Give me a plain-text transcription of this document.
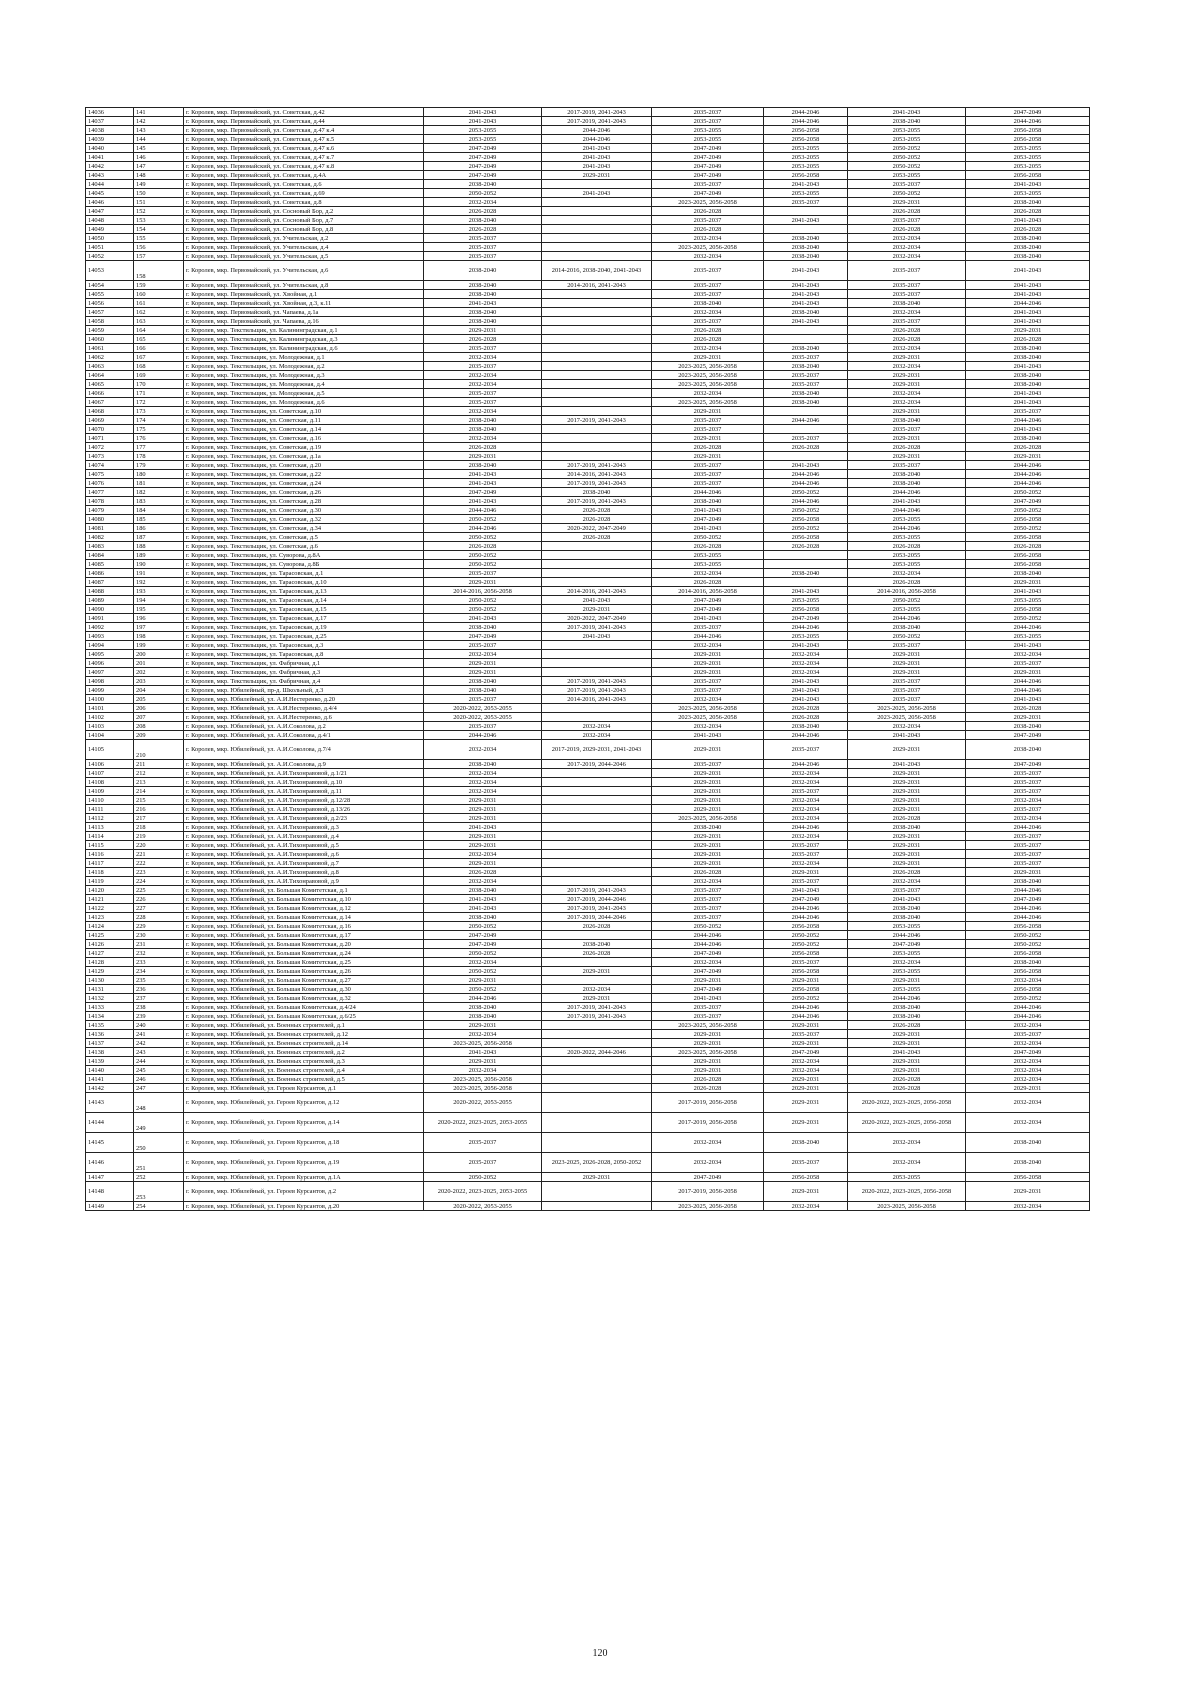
14036	141	г. Королев, мкр. Первомайский, ул. Советская, д.42	2041-2043	2017-2019, 2041-2043	2035-2037	2044-2046	2041-2043	2047-2049
14037	142	г. Королев, мкр. Первомайский, ул. Советская, д.44	2041-2043	2017-2019, 2041-2043	2035-2037	2044-2046	2038-2040	2044-2046
14038	143	г. Королев, мкр. Первомайский, ул. Советская, д.47 к.4	2053-2055	2044-2046	2053-2055	2056-2058	2053-2055	2056-2058
14039	144	г. Королев, мкр. Первомайский, ул. Советская, д.47 к.5	2053-2055	2044-2046	2053-2055	2056-2058	2053-2055	2056-2058
14040	145	г. Королев, мкр. Первомайский, ул. Советская, д.47 к.6	2047-2049	2041-2043	2047-2049	2053-2055	2050-2052	2053-2055
14041	146	г. Королев, мкр. Первомайский, ул. Советская, д.47 к.7	2047-2049	2041-2043	2047-2049	2053-2055	2050-2052	2053-2055
14042	147	г. Королев, мкр. Первомайский, ул. Советская, д.47 к.8	2047-2049	2041-2043	2047-2049	2053-2055	2050-2052	2053-2055
14043	148	г. Королев, мкр. Первомайский, ул. Советская, д.4А	2047-2049	2029-2031	2047-2049	2056-2058	2053-2055	2056-2058
14044	149	г. Королев, мкр. Первомайский, ул. Советская, д.6	2038-2040		2035-2037	2041-2043	2035-2037	2041-2043
14045	150	г. Королев, мкр. Первомайский, ул. Советская, д.69	2050-2052	2041-2043	2047-2049	2053-2055	2050-2052	2053-2055
14046	151	г. Королев, мкр. Первомайский, ул. Советская, д.8	2032-2034		2023-2025, 2056-2058	2035-2037	2029-2031	2038-2040
14047	152	г. Королев, мкр. Первомайский, ул. Сосновый Бор, д.2	2026-2028		2026-2028		2026-2028	2026-2028
14048	153	г. Королев, мкр. Первомайский, ул. Сосновый Бор, д.7	2038-2040		2035-2037	2041-2043	2035-2037	2041-2043
14049	154	г. Королев, мкр. Первомайский, ул. Сосновый Бор, д.8	2026-2028		2026-2028		2026-2028	2026-2028
14050	155	г. Королев, мкр. Первомайский, ул. Учительская, д.2	2035-2037		2032-2034	2038-2040	2032-2034	2038-2040
14051	156	г. Королев, мкр. Первомайский, ул. Учительская, д.4	2035-2037		2023-2025, 2056-2058	2038-2040	2032-2034	2038-2040
14052	157	г. Королев, мкр. Первомайский, ул. Учительская, д.5	2035-2037		2032-2034	2038-2040	2032-2034	2038-2040
14053	158	г. Королев, мкр. Первомайский, ул. Учительская, д.6	2038-2040	2014-2016, 2038-2040, 2041-2043	2035-2037	2041-2043	2035-2037	2041-2043
14054	159	г. Королев, мкр. Первомайский, ул. Учительская, д.8	2038-2040	2014-2016, 2041-2043	2035-2037	2041-2043	2035-2037	2041-2043
14055	160	г. Королев, мкр. Первомайский, ул. Хвойная, д.1	2038-2040		2035-2037	2041-2043	2035-2037	2041-2043
14056	161	г. Королев, мкр. Первомайский, ул. Хвойная, д.3, к.11	2041-2043		2038-2040	2041-2043	2038-2040	2044-2046
14057	162	г. Королев, мкр. Первомайский, ул. Чапаева, д.1а	2038-2040		2032-2034	2038-2040	2032-2034	2041-2043
14058	163	г. Королев, мкр. Первомайский, ул. Чапаева, д.16	2038-2040		2035-2037	2041-2043	2035-2037	2041-2043
14059	164	г. Королев, мкр. Текстильщик, ул. Калининградская, д.1	2029-2031		2026-2028		2026-2028	2029-2031
14060	165	г. Королев, мкр. Текстильщик, ул. Калининградская, д.3	2026-2028		2026-2028		2026-2028	2026-2028
14061	166	г. Королев, мкр. Текстильщик, ул. Калининградская, д.6	2035-2037		2032-2034	2038-2040	2032-2034	2038-2040
14062	167	г. Королев, мкр. Текстильщик, ул. Молодежная, д.1	2032-2034		2029-2031	2035-2037	2029-2031	2038-2040
14063	168	г. Королев, мкр. Текстильщик, ул. Молодежная, д.2	2035-2037		2023-2025, 2056-2058	2038-2040	2032-2034	2041-2043
14064	169	г. Королев, мкр. Текстильщик, ул. Молодежная, д.3	2032-2034		2023-2025, 2056-2058	2035-2037	2029-2031	2038-2040
14065	170	г. Королев, мкр. Текстильщик, ул. Молодежная, д.4	2032-2034		2023-2025, 2056-2058	2035-2037	2029-2031	2038-2040
14066	171	г. Королев, мкр. Текстильщик, ул. Молодежная, д.5	2035-2037		2032-2034	2038-2040	2032-2034	2041-2043
14067	172	г. Королев, мкр. Текстильщик, ул. Молодежная, д.6	2035-2037		2023-2025, 2056-2058	2038-2040	2032-2034	2041-2043
14068	173	г. Королев, мкр. Текстильщик, ул. Советская, д.10	2032-2034		2029-2031		2029-2031	2035-2037
14069	174	г. Королев, мкр. Текстильщик, ул. Советская, д.11	2038-2040	2017-2019, 2041-2043	2035-2037	2044-2046	2038-2040	2044-2046
14070	175	г. Королев, мкр. Текстильщик, ул. Советская, д.14	2038-2040		2035-2037		2035-2037	2041-2043
14071	176	г. Королев, мкр. Текстильщик, ул. Советская, д.16	2032-2034		2029-2031	2035-2037	2029-2031	2038-2040
14072	177	г. Королев, мкр. Текстильщик, ул. Советская, д.19	2026-2028		2026-2028	2026-2028	2026-2028	2026-2028
14073	178	г. Королев, мкр. Текстильщик, ул. Советская, д.1а	2029-2031		2029-2031		2029-2031	2029-2031
14074	179	г. Королев, мкр. Текстильщик, ул. Советская, д.20	2038-2040	2017-2019, 2041-2043	2035-2037	2041-2043	2035-2037	2044-2046
14075	180	г. Королев, мкр. Текстильщик, ул. Советская, д.22	2041-2043	2014-2016, 2041-2043	2035-2037	2044-2046	2038-2040	2044-2046
14076	181	г. Королев, мкр. Текстильщик, ул. Советская, д.24	2041-2043	2017-2019, 2041-2043	2035-2037	2044-2046	2038-2040	2044-2046
14077	182	г. Королев, мкр. Текстильщик, ул. Советская, д.26	2047-2049	2038-2040	2044-2046	2050-2052	2044-2046	2050-2052
14078	183	г. Королев, мкр. Текстильщик, ул. Советская, д.28	2041-2043	2017-2019, 2041-2043	2038-2040	2044-2046	2041-2043	2047-2049
14079	184	г. Королев, мкр. Текстильщик, ул. Советская, д.30	2044-2046	2026-2028	2041-2043	2050-2052	2044-2046	2050-2052
14080	185	г. Королев, мкр. Текстильщик, ул. Советская, д.32	2050-2052	2026-2028	2047-2049	2056-2058	2053-2055	2056-2058
14081	186	г. Королев, мкр. Текстильщик, ул. Советская, д.34	2044-2046	2020-2022, 2047-2049	2041-2043	2050-2052	2044-2046	2050-2052
14082	187	г. Королев, мкр. Текстильщик, ул. Советская, д.5	2050-2052	2026-2028	2050-2052	2056-2058	2053-2055	2056-2058
14083	188	г. Королев, мкр. Текстильщик, ул. Советская, д.6	2026-2028		2026-2028	2026-2028	2026-2028	2026-2028
14084	189	г. Королев, мкр. Текстильщик, ул. Суворова, д.8А	2050-2052		2053-2055		2053-2055	2056-2058
14085	190	г. Королев, мкр. Текстильщик, ул. Суворова, д.8Б	2050-2052		2053-2055		2053-2055	2056-2058
14086	191	г. Королев, мкр. Текстильщик, ул. Тарасовская, д.1	2035-2037		2032-2034	2038-2040	2032-2034	2038-2040
14087	192	г. Королев, мкр. Текстильщик, ул. Тарасовская, д.10	2029-2031		2026-2028		2026-2028	2029-2031
14088	193	г. Королев, мкр. Текстильщик, ул. Тарасовская, д.13	2014-2016, 2056-2058	2014-2016, 2041-2043	2014-2016, 2056-2058	2041-2043	2014-2016, 2056-2058	2041-2043
14089	194	г. Королев, мкр. Текстильщик, ул. Тарасовская, д.14	2050-2052	2041-2043	2047-2049	2053-2055	2050-2052	2053-2055
14090	195	г. Королев, мкр. Текстильщик, ул. Тарасовская, д.15	2050-2052	2029-2031	2047-2049	2056-2058	2053-2055	2056-2058
14091	196	г. Королев, мкр. Текстильщик, ул. Тарасовская, д.17	2041-2043	2020-2022, 2047-2049	2041-2043	2047-2049	2044-2046	2050-2052
14092	197	г. Королев, мкр. Текстильщик, ул. Тарасовская, д.19	2038-2040	2017-2019, 2041-2043	2035-2037	2044-2046	2038-2040	2044-2046
14093	198	г. Королев, мкр. Текстильщик, ул. Тарасовская, д.25	2047-2049	2041-2043	2044-2046	2053-2055	2050-2052	2053-2055
14094	199	г. Королев, мкр. Текстильщик, ул. Тарасовская, д.3	2035-2037		2032-2034	2041-2043	2035-2037	2041-2043
14095	200	г. Королев, мкр. Текстильщик, ул. Тарасовская, д.8	2032-2034		2029-2031	2032-2034	2029-2031	2032-2034
14096	201	г. Королев, мкр. Текстильщик, ул. Фабричная, д.1	2029-2031		2029-2031	2032-2034	2029-2031	2035-2037
14097	202	г. Королев, мкр. Текстильщик, ул. Фабричная, д.3	2029-2031		2029-2031	2032-2034	2029-2031	2029-2031
14098	203	г. Королев, мкр. Текстильщик, ул. Фабричная, д.4	2038-2040	2017-2019, 2041-2043	2035-2037	2041-2043	2035-2037	2044-2046
14099	204	г. Королев, мкр. Юбилейный, пр-д. Школьный, д.3	2038-2040	2017-2019, 2041-2043	2035-2037	2041-2043	2035-2037	2044-2046
14100	205	г. Королев, мкр. Юбилейный, ул. А.И.Нестеренко, д.20	2035-2037	2014-2016, 2041-2043	2032-2034	2041-2043	2035-2037	2041-2043
14101	206	г. Королев, мкр. Юбилейный, ул. А.И.Нестеренко, д.4/4	2020-2022, 2053-2055		2023-2025, 2056-2058	2026-2028	2023-2025, 2056-2058	2026-2028
14102	207	г. Королев, мкр. Юбилейный, ул. А.И.Нестеренко, д.6	2020-2022, 2053-2055		2023-2025, 2056-2058	2026-2028	2023-2025, 2056-2058	2029-2031
14103	208	г. Королев, мкр. Юбилейный, ул. А.И.Соколова, д.2	2035-2037	2032-2034	2032-2034	2038-2040	2032-2034	2038-2040
14104	209	г. Королев, мкр. Юбилейный, ул. А.И.Соколова, д.4/1	2044-2046	2032-2034	2041-2043	2044-2046	2041-2043	2047-2049
14105	210	г. Королев, мкр. Юбилейный, ул. А.И.Соколова, д.7/4	2032-2034	2017-2019, 2029-2031, 2041-2043	2029-2031	2035-2037	2029-2031	2038-2040
14106	211	г. Королев, мкр. Юбилейный, ул. А.И.Соколова, д.9	2038-2040	2017-2019, 2044-2046	2035-2037	2044-2046	2041-2043	2047-2049
14107	212	г. Королев, мкр. Юбилейный, ул. А.И.Тихонравовой, д.1/21	2032-2034		2029-2031	2032-2034	2029-2031	2035-2037
14108	213	г. Королев, мкр. Юбилейный, ул. А.И.Тихонравовой, д.10	2032-2034		2029-2031	2032-2034	2029-2031	2035-2037
14109	214	г. Королев, мкр. Юбилейный, ул. А.И.Тихонравовой, д.11	2032-2034		2029-2031	2035-2037	2029-2031	2035-2037
14110	215	г. Королев, мкр. Юбилейный, ул. А.И.Тихонравовой, д.12/28	2029-2031		2029-2031	2032-2034	2029-2031	2032-2034
14111	216	г. Королев, мкр. Юбилейный, ул. А.И.Тихонравовой, д.13/26	2029-2031		2029-2031	2032-2034	2029-2031	2035-2037
14112	217	г. Королев, мкр. Юбилейный, ул. А.И.Тихонравовой, д.2/23	2029-2031		2023-2025, 2056-2058	2032-2034	2026-2028	2032-2034
14113	218	г. Королев, мкр. Юбилейный, ул. А.И.Тихонравовой, д.3	2041-2043		2038-2040	2044-2046	2038-2040	2044-2046
14114	219	г. Королев, мкр. Юбилейный, ул. А.И.Тихонравовой, д.4	2029-2031		2029-2031	2032-2034	2029-2031	2035-2037
14115	220	г. Королев, мкр. Юбилейный, ул. А.И.Тихонравовой, д.5	2029-2031		2029-2031	2035-2037	2029-2031	2035-2037
14116	221	г. Королев, мкр. Юбилейный, ул. А.И.Тихонравовой, д.6	2032-2034		2029-2031	2035-2037	2029-2031	2035-2037
14117	222	г. Королев, мкр. Юбилейный, ул. А.И.Тихонравовой, д.7	2029-2031		2029-2031	2032-2034	2029-2031	2035-2037
14118	223	г. Королев, мкр. Юбилейный, ул. А.И.Тихонравовой, д.8	2026-2028		2026-2028	2029-2031	2026-2028	2029-2031
14119	224	г. Королев, мкр. Юбилейный, ул. А.И.Тихонравовой, д.9	2032-2034		2032-2034	2035-2037	2032-2034	2038-2040
14120	225	г. Королев, мкр. Юбилейный, ул. Большая Комитетская, д.1	2038-2040	2017-2019, 2041-2043	2035-2037	2041-2043	2035-2037	2044-2046
14121	226	г. Королев, мкр. Юбилейный, ул. Большая Комитетская, д.10	2041-2043	2017-2019, 2044-2046	2035-2037	2047-2049	2041-2043	2047-2049
14122	227	г. Королев, мкр. Юбилейный, ул. Большая Комитетская, д.12	2041-2043	2017-2019, 2041-2043	2035-2037	2044-2046	2038-2040	2044-2046
14123	228	г. Королев, мкр. Юбилейный, ул. Большая Комитетская, д.14	2038-2040	2017-2019, 2044-2046	2035-2037	2044-2046	2038-2040	2044-2046
14124	229	г. Королев, мкр. Юбилейный, ул. Большая Комитетская, д.16	2050-2052	2026-2028	2050-2052	2056-2058	2053-2055	2056-2058
14125	230	г. Королев, мкр. Юбилейный, ул. Большая Комитетская, д.17	2047-2049		2044-2046	2050-2052	2044-2046	2050-2052
14126	231	г. Королев, мкр. Юбилейный, ул. Большая Комитетская, д.20	2047-2049	2038-2040	2044-2046	2050-2052	2047-2049	2050-2052
14127	232	г. Королев, мкр. Юбилейный, ул. Большая Комитетская, д.24	2050-2052	2026-2028	2047-2049	2056-2058	2053-2055	2056-2058
14128	233	г. Королев, мкр. Юбилейный, ул. Большая Комитетская, д.25	2032-2034		2032-2034	2035-2037	2032-2034	2038-2040
14129	234	г. Королев, мкр. Юбилейный, ул. Большая Комитетская, д.26	2050-2052	2029-2031	2047-2049	2056-2058	2053-2055	2056-2058
14130	235	г. Королев, мкр. Юбилейный, ул. Большая Комитетская, д.27	2029-2031		2029-2031	2029-2031	2029-2031	2032-2034
14131	236	г. Королев, мкр. Юбилейный, ул. Большая Комитетская, д.30	2050-2052	2032-2034	2047-2049	2056-2058	2053-2055	2056-2058
14132	237	г. Королев, мкр. Юбилейный, ул. Большая Комитетская, д.32	2044-2046	2029-2031	2041-2043	2050-2052	2044-2046	2050-2052
14133	238	г. Королев, мкр. Юбилейный, ул. Большая Комитетская, д.4/24	2038-2040	2017-2019, 2041-2043	2035-2037	2044-2046	2038-2040	2044-2046
14134	239	г. Королев, мкр. Юбилейный, ул. Большая Комитетская, д.6/25	2038-2040	2017-2019, 2041-2043	2035-2037	2044-2046	2038-2040	2044-2046
14135	240	г. Королев, мкр. Юбилейный, ул. Военных строителей, д.1	2029-2031		2023-2025, 2056-2058	2029-2031	2026-2028	2032-2034
14136	241	г. Королев, мкр. Юбилейный, ул. Военных строителей, д.12	2032-2034		2029-2031	2035-2037	2029-2031	2035-2037
14137	242	г. Королев, мкр. Юбилейный, ул. Военных строителей, д.14	2023-2025, 2056-2058		2029-2031	2029-2031	2029-2031	2032-2034
14138	243	г. Королев, мкр. Юбилейный, ул. Военных строителей, д.2	2041-2043	2020-2022, 2044-2046	2023-2025, 2056-2058	2047-2049	2041-2043	2047-2049
14139	244	г. Королев, мкр. Юбилейный, ул. Военных строителей, д.3	2029-2031		2029-2031	2032-2034	2029-2031	2032-2034
14140	245	г. Королев, мкр. Юбилейный, ул. Военных строителей, д.4	2032-2034		2029-2031	2032-2034	2029-2031	2032-2034
14141	246	г. Королев, мкр. Юбилейный, ул. Военных строителей, д.5	2023-2025, 2056-2058		2026-2028	2029-2031	2026-2028	2032-2034
14142	247	г. Королев, мкр. Юбилейный, ул. Героев Курсантов, д.1	2023-2025, 2056-2058		2026-2028	2029-2031	2026-2028	2029-2031
14143	248	г. Королев, мкр. Юбилейный, ул. Героев Курсантов, д.12	2020-2022, 2053-2055		2017-2019, 2056-2058	2029-2031	2020-2022, 2023-2025, 2056-2058	2032-2034
14144	249	г. Королев, мкр. Юбилейный, ул. Героев Курсантов, д.14	2020-2022, 2023-2025, 2053-2055		2017-2019, 2056-2058	2029-2031	2020-2022, 2023-2025, 2056-2058	2032-2034
14145	250	г. Королев, мкр. Юбилейный, ул. Героев Курсантов, д.18	2035-2037		2032-2034	2038-2040	2032-2034	2038-2040
14146	251	г. Королев, мкр. Юбилейный, ул. Героев Курсантов, д.19	2035-2037	2023-2025, 2026-2028, 2050-2052	2032-2034	2035-2037	2032-2034	2038-2040
14147	252	г. Королев, мкр. Юбилейный, ул. Героев Курсантов, д.1А	2050-2052	2029-2031	2047-2049	2056-2058	2053-2055	2056-2058
14148	253	г. Королев, мкр. Юбилейный, ул. Героев Курсантов, д.2	2020-2022, 2023-2025, 2053-2055		2017-2019, 2056-2058	2029-2031	2020-2022, 2023-2025, 2056-2058	2029-2031
14149	254	г. Королев, мкр. Юбилейный, ул. Героев Курсантов, д.20	2020-2022, 2053-2055		2023-2025, 2056-2058	2032-2034	2023-2025, 2056-2058	2032-2034
120
